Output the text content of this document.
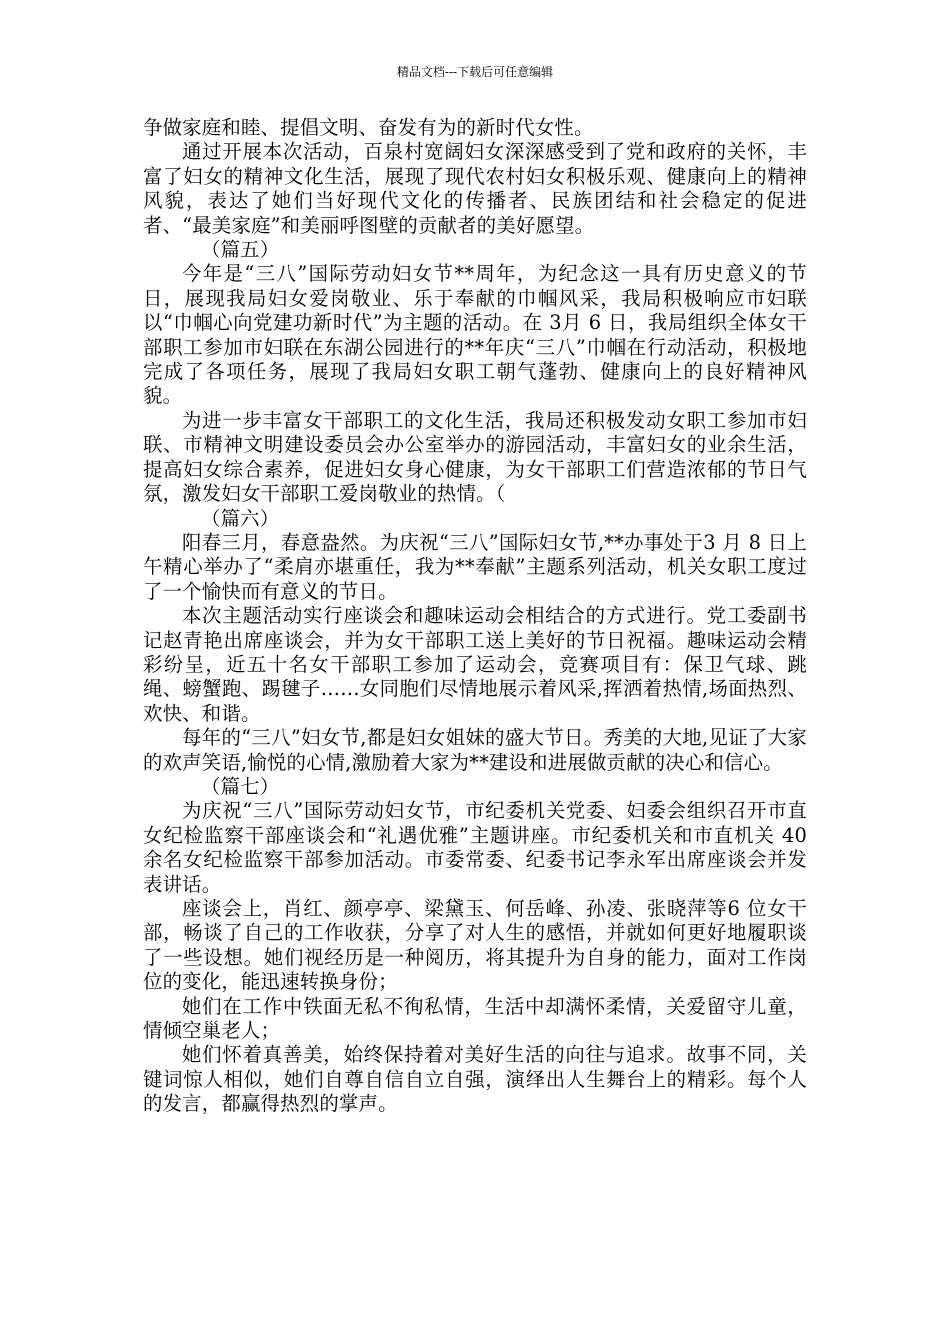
精品文档---下载后可任意编辑

争做家庭和睦、提倡文明、奋发有为的新时代女性。

通过开展本次活动，百泉村宽阔妇女深深感受到了党和政府的关怀，丰富了妇女的精神文化生活，展现了现代农村妇女积极乐观、健康向上的精神风貌，表达了她们当好现代文化的传播者、民族团结和社会稳定的促进者、“最美家庭”和美丽呼图壁的贡献者的美好愿望。

（篇五）

今年是“三八”国际劳动妇女节**周年，为纪念这一具有历史意义的节日，展现我局妇女爱岗敬业、乐于奉献的巾帼风采，我局积极响应市妇联以“巾帼心向党建功新时代”为主题的活动。在 3月 6 日，我局组织全体女干部职工参加市妇联在东湖公园进行的**年庆“三八”巾帼在行动活动，积极地完成了各项任务，展现了我局妇女职工朝气蓬勃、健康向上的良好精神风貌。

为进一步丰富女干部职工的文化生活，我局还积极发动女职工参加市妇联、市精神文明建设委员会办公室举办的游园活动，丰富妇女的业余生活，提高妇女综合素养，促进妇女身心健康，为女干部职工们营造浓郁的节日气氛，激发妇女干部职工爱岗敬业的热情。（

（篇六）

阳春三月，春意盎然。为庆祝“三八”国际妇女节,**办事处于3 月 8 日上午精心举办了“柔肩亦堪重任，我为**奉献”主题系列活动，机关女职工度过了一个愉快而有意义的节日。

本次主题活动实行座谈会和趣味运动会相结合的方式进行。党工委副书记赵青艳出席座谈会，并为女干部职工送上美好的节日祝福。趣味运动会精彩纷呈，近五十名女干部职工参加了运动会，竞赛项目有：保卫气球、跳绳、螃蟹跑、踢毽子……女同胞们尽情地展示着风采,挥洒着热情,场面热烈、欢快、和谐。

每年的“三八”妇女节,都是妇女姐妹的盛大节日。秀美的大地,见证了大家的欢声笑语,愉悦的心情,激励着大家为**建设和进展做贡献的决心和信心。

（篇七）

为庆祝“三八”国际劳动妇女节，市纪委机关党委、妇委会组织召开市直女纪检监察干部座谈会和“礼遇优雅”主题讲座。市纪委机关和市直机关 40 余名女纪检监察干部参加活动。市委常委、纪委书记李永军出席座谈会并发表讲话。

座谈会上，肖红、颜亭亭、梁黛玉、何岳峰、孙凌、张晓萍等6 位女干部，畅谈了自己的工作收获，分享了对人生的感悟，并就如何更好地履职谈了一些设想。她们视经历是一种阅历，将其提升为自身的能力，面对工作岗位的变化，能迅速转换身份；

她们在工作中铁面无私不徇私情，生活中却满怀柔情，关爱留守儿童，情倾空巢老人；

她们怀着真善美，始终保持着对美好生活的向往与追求。故事不同，关键词惊人相似，她们自尊自信自立自强，演绎出人生舞台上的精彩。每个人的发言，都赢得热烈的掌声。
